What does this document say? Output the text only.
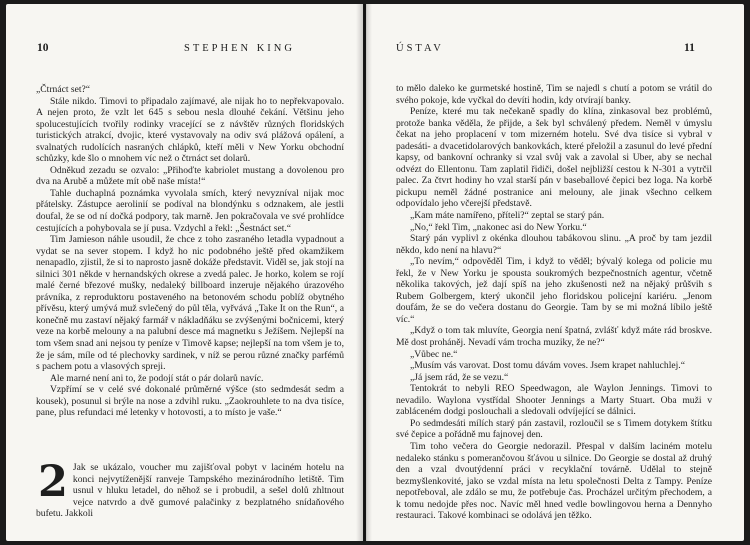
10	STEPHEN KING

„Čtrnáct set?“

Stále nikdo. Timovi to připadalo zajímavé, ale nijak ho to nepřekvapovalo. A nejen proto, že vzlt let 645 s sebou nesla dlouhé čekání. Většinu jeho spolucestujících tvořily rodinky vracející se z návštěv různých floridských turistických atrakcí, dvojic, které vystavovaly na odiv svá plážová opálení, a svalnatých rudolících nasraných chlápků, kteří měli v New Yorku obchodní schůzky, kde šlo o mnohem víc než o čtrnáct set dolarů.

Odněkud zezadu se ozvalo: „Přihoďte kabriolet mustang a dovolenou pro dva na Arubě a můžete mít obě naše místa!“

Tahle duchaplná poznámka vyvolala smích, který nevyzníval nijak moc přátelsky. Zástupce aerolinií se podíval na blondýnku s odznakem, ale jestli doufal, že se od ní dočká podpory, tak marně. Jen pokračovala ve své prohlídce cestujících a pohybovala se jí pusa. Vzdychl a řekl: „Šestnáct set.“

Tim Jamieson náhle usoudil, že chce z toho zasraného letadla vypadnout a vydat se na sever stopem. I když ho nic podobného ještě před okamžikem nenapadlo, zjistil, že si to naprosto jasně dokáže představit. Viděl se, jak stojí na silnici 301 někde v hernandských okrese a zvedá palec. Je horko, kolem se rojí malé černé březové mušky, nedaleký billboard inzeruje nějakého úrazového právníka, z reproduktoru postaveného na betonovém schodu poblíž obytného přívěsu, který umývá muž svlečený do půl těla, vyřvává „Take It on the Run“, a konečně mu zastaví nějaký farmář v nákladňáku se zvýšenými bočnicemi, který veze na korbě melouny a na palubní desce má magnetku s Ježíšem. Nejlepší na tom všem snad ani nejsou ty peníze v Timově kapse; nejlepší na tom všem je to, že je sám, míle od té plechovky sardinek, v níž se perou různé značky parfémů s pachem potu a vlasových spreji.

Ale marné není ani to, že podojí stát o pár dolarů navíc.

Vzpřímí se v celé své dokonalé průměrné výšce (sto sedmdesát sedm a kousek), posunul si brýle na nose a zdvihl ruku. „Zaokrouhlete to na dva tisíce, pane, plus refundaci mé letenky v hotovosti, a to místo je vaše.“

2 Jak se ukázalo, voucher mu zajišťoval pobyt v laciném hotelu na konci nejvytíženější ranveje Tampského mezinárodního letiště. Tim usnul v hluku letadel, do něhož se i probudil, a sešel dolů zhltnout vejce natvrdo a dvě gumové palačinky z bezplatného snídaňového bufetu. Jakkoli

ÚSTAV	11

to mělo daleko ke gurmetské hostině, Tim se najedl s chutí a potom se vrátil do svého pokoje, kde vyčkal do devíti hodin, kdy otvírají banky.

Peníze, které mu tak nečekaně spadly do klína, zinkasoval bez problémů, protože banka věděla, že přijde, a šek byl schválený předem. Neměl v úmyslu čekat na jeho proplacení v tom mizerném hotelu. Své dva tisíce si vybral v padesáti- a dvacetidolarových bankovkách, které přeložil a zasunul do levé přední kapsy, od bankovní ochranky si vzal svůj vak a zavolal si Uber, aby se nechal odvézt do Ellentonu. Tam zaplatil řidiči, došel nejbližší cestou k N-301 a vytrčil palec. Za čtvrt hodiny ho vzal starší pán v baseballové čepici bez loga. Na korbě pickupu neměl žádné postranice ani melouny, ale jinak všechno celkem odpovídalo jeho včerejší představě.

„Kam máte namířeno, příteli?“ zeptal se starý pán.

„No,“ řekl Tim, „nakonec asi do New Yorku.“

Starý pán vyplivl z okénka dlouhou tabákovou slinu. „A proč by tam jezdil někdo, kdo není na hlavu?“

„To nevím,“ odpověděl Tim, i když to věděl; bývalý kolega od policie mu řekl, že v New Yorku je spousta soukromých bezpečnostních agentur, včetně několika takových, jež dají spíš na jeho zkušenosti než na nějaký průšvih s Rubem Golbergem, který ukončil jeho floridskou policejní kariéru. „Jenom doufám, že se do večera dostanu do Georgie. Tam by se mi možná líbilo ještě víc.“

„Když o tom tak mluvíte, Georgia není špatná, zvlášť když máte rád broskve. Mě dost proháněj. Nevadí vám trocha muziky, že ne?“

„Vůbec ne.“

„Musím vás varovat. Dost tomu dávám voves. Jsem krapet nahluchlej.“

„Já jsem rád, že se vezu.“

Tentokrát to nebyli REO Speedwagon, ale Waylon Jennings. Timovi to nevadilo. Waylona vystřídal Shooter Jennings a Marty Stuart. Oba muži v zabláceném dodgi poslouchali a sledovali odvíjející se dálnici.

Po sedmdesáti mílích starý pán zastavil, rozloučil se s Timem dotykem štítku své čepice a pořádně mu fajnovej den.

Tim toho večera do Georgie nedorazil. Přespal v dalším laciném motelu nedaleko stánku s pomerančovou šťávou u silnice. Do Georgie se dostal až druhý den a vzal dvoutýdenní práci v recyklační továrně. Udělal to stejně bezmyšlenkovité, jako se vzdal místa na letu společnosti Delta z Tampy. Peníze nepotřeboval, ale zdálo se mu, že potřebuje čas. Procházel určitým přechodem, a k tomu nedojde přes noc. Navíc měl hned vedle bowlingovou herna a Dennyho restauraci. Takové kombinaci se odolává jen těžko.
